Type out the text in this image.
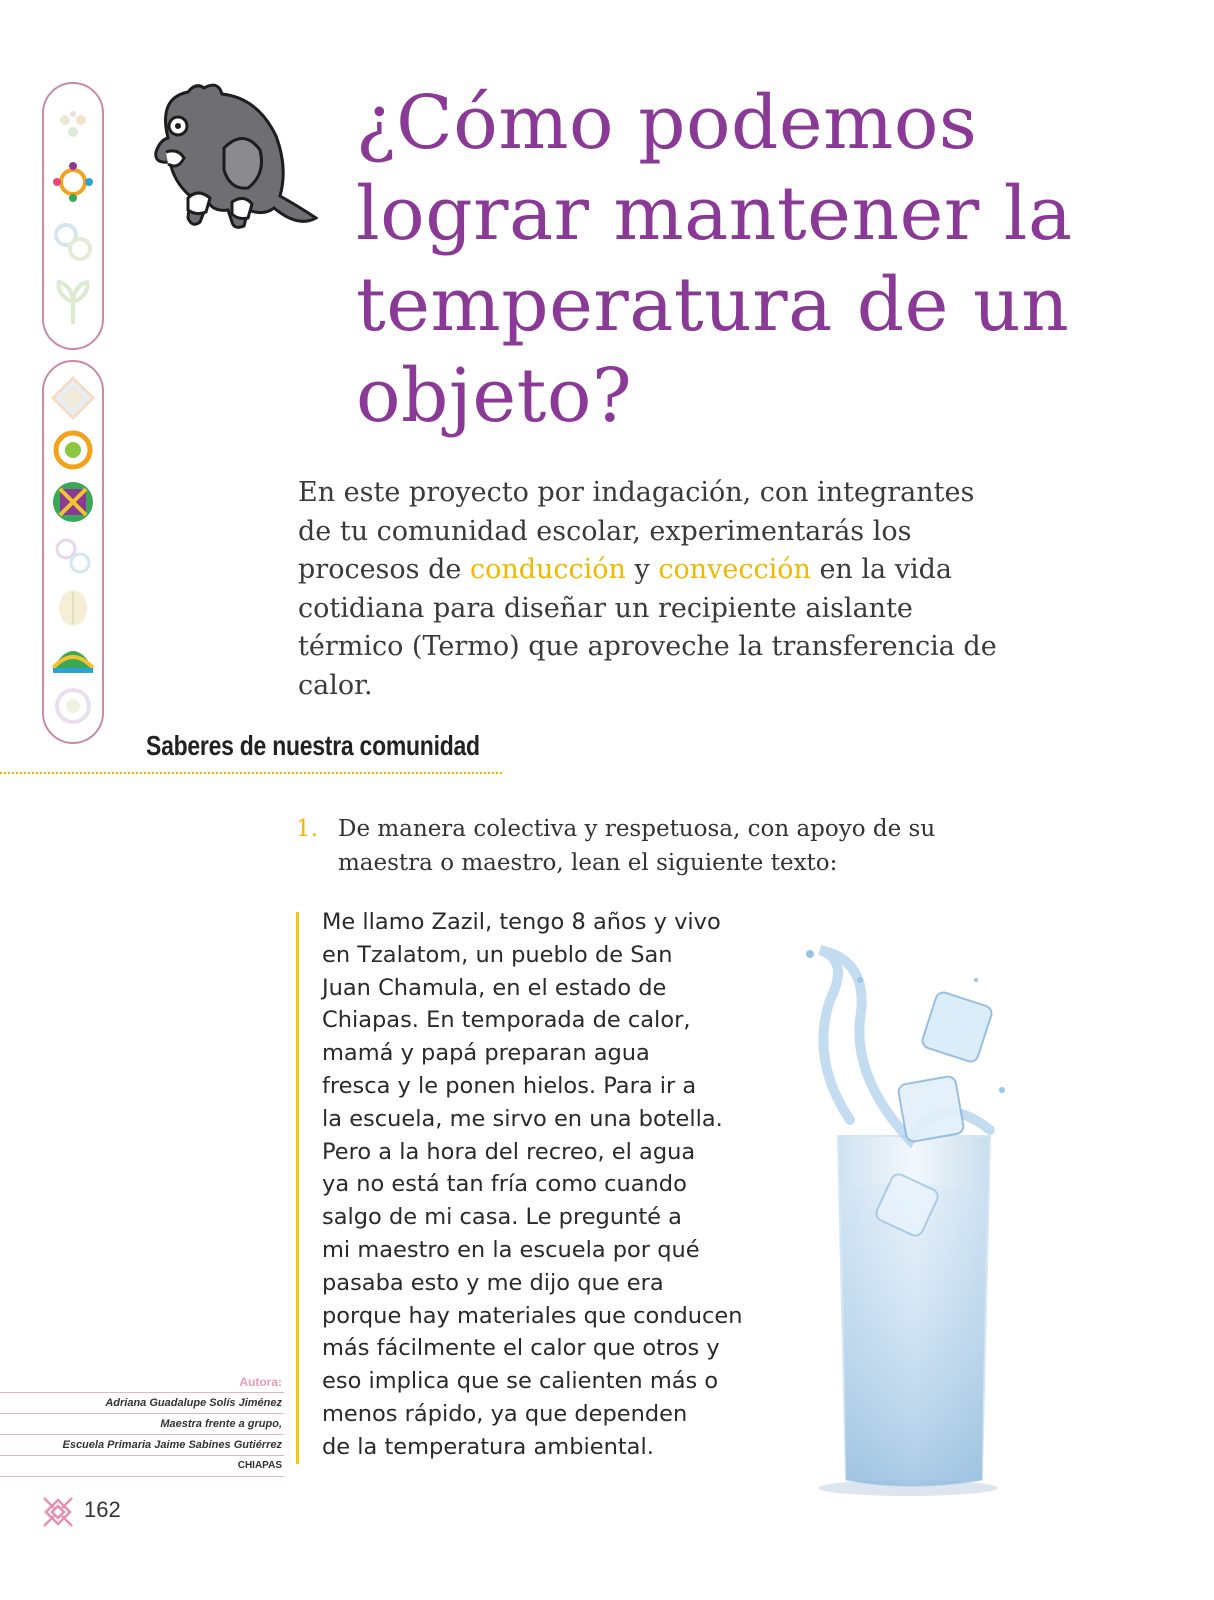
¿Cómo podemos lograr mantener la temperatura de un objeto?

En este proyecto por indagación, con integrantes de tu comunidad escolar, experimentarás los procesos de conducción y convección en la vida cotidiana para diseñar un recipiente aislante térmico (Termo) que aproveche la transferencia de calor.

Saberes de nuestra comunidad
1. De manera colectiva y respetuosa, con apoyo de su maestra o maestro, lean el siguiente texto:

Me llamo Zazil, tengo 8 años y vivo
en Tzalatom, un pueblo de San
Juan Chamula, en el estado de
Chiapas. En temporada de calor,
mamá y papá preparan agua
fresca y le ponen hielos. Para ir a
la escuela, me sirvo en una botella.
Pero a la hora del recreo, el agua
ya no está tan fría como cuando
salgo de mi casa. Le pregunté a
mi maestro en la escuela por qué
pasaba esto y me dijo que era
porque hay materiales que conducen
más fácilmente el calor que otros y
eso implica que se calienten más o
menos rápido, ya que dependen
de la temperatura ambiental.

Autora:
Adriana Guadalupe Solís Jiménez
Maestra frente a grupo,
Escuela Primaria Jaime Sabines Gutiérrez
CHIAPAS
162
